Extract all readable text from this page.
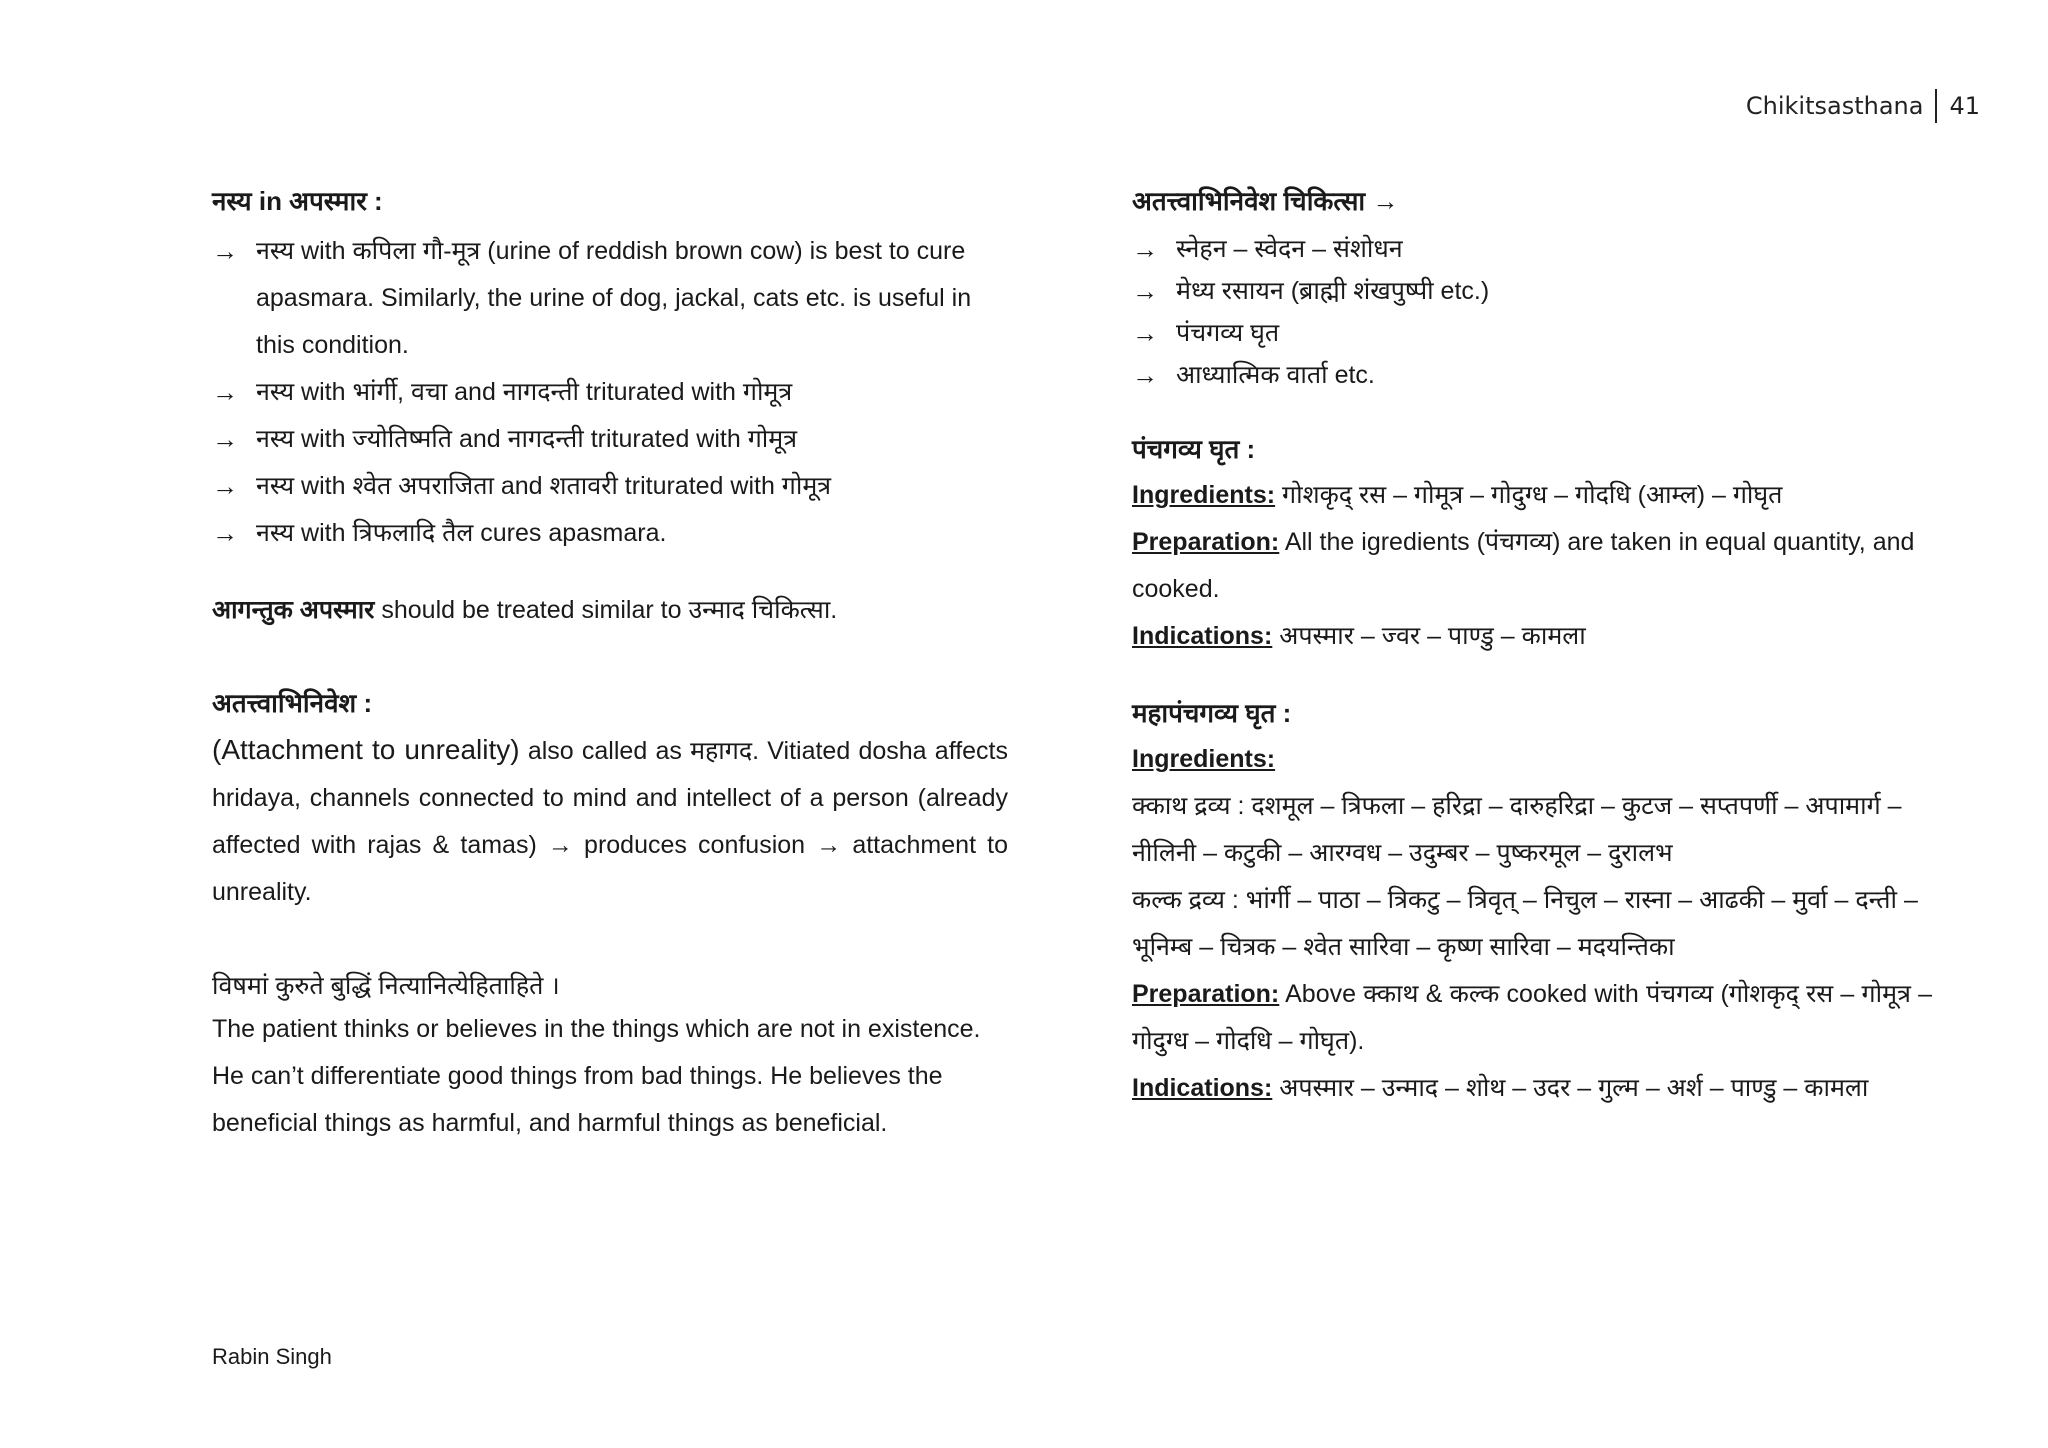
Chikitsasthana 41

नस्य in अपस्मार :

→ नस्य with कपिला गौ-मूत्र (urine of reddish brown cow) is best to cure apasmara. Similarly, the urine of dog, jackal, cats etc. is useful in this condition.
→ नस्य with भांर्गी, वचा and नागदन्ती triturated with गोमूत्र
→ नस्य with ज्योतिष्मति and नागदन्ती triturated with गोमूत्र
→ नस्य with श्वेत अपराजिता and शतावरी triturated with गोमूत्र
→ नस्य with त्रिफलादि तैल cures apasmara.

आगन्तुक अपस्मार should be treated similar to उन्माद चिकित्सा.

अतत्त्वाभिनिवेश :

(Attachment to unreality) also called as महागद. Vitiated dosha affects hridaya, channels connected to mind and intellect of a person (already affected with rajas & tamas) → produces confusion → attachment to unreality.

विषमां कुरुते बुद्धिं नित्यानित्येहिताहिते ।

The patient thinks or believes in the things which are not in existence.

He can’t differentiate good things from bad things. He believes the beneficial things as harmful, and harmful things as beneficial.

अतत्त्वाभिनिवेश चिकित्सा →

→ स्नेहन – स्वेदन – संशोधन
→ मेध्य रसायन (ब्राह्मी शंखपुष्पी etc.)
→ पंचगव्य घृत
→ आध्यात्मिक वार्ता etc.

पंचगव्य घृत :

Ingredients: गोशकृद् रस – गोमूत्र – गोदुग्ध – गोदधि (आम्ल) – गोघृत

Preparation: All the igredients (पंचगव्य) are taken in equal quantity, and cooked.

Indications: अपस्मार – ज्वर – पाण्डु – कामला

महापंचगव्य घृत :

Ingredients:

क्काथ द्रव्य : दशमूल – त्रिफला – हरिद्रा – दारुहरिद्रा – कुटज – सप्तपर्णी – अपामार्ग – नीलिनी – कटुकी – आरग्वध – उदुम्बर – पुष्करमूल – दुरालभ

कल्क द्रव्य : भांर्गी – पाठा – त्रिकटु – त्रिवृत् – निचुल – रास्ना – आढकी – मुर्वा – दन्ती – भूनिम्ब – चित्रक – श्वेत सारिवा – कृष्ण सारिवा – मदयन्तिका

Preparation: Above क्काथ & कल्क cooked with पंचगव्य (गोशकृद् रस – गोमूत्र – गोदुग्ध – गोदधि – गोघृत).

Indications: अपस्मार – उन्माद – शोथ – उदर – गुल्म – अर्श – पाण्डु – कामला

Rabin Singh
